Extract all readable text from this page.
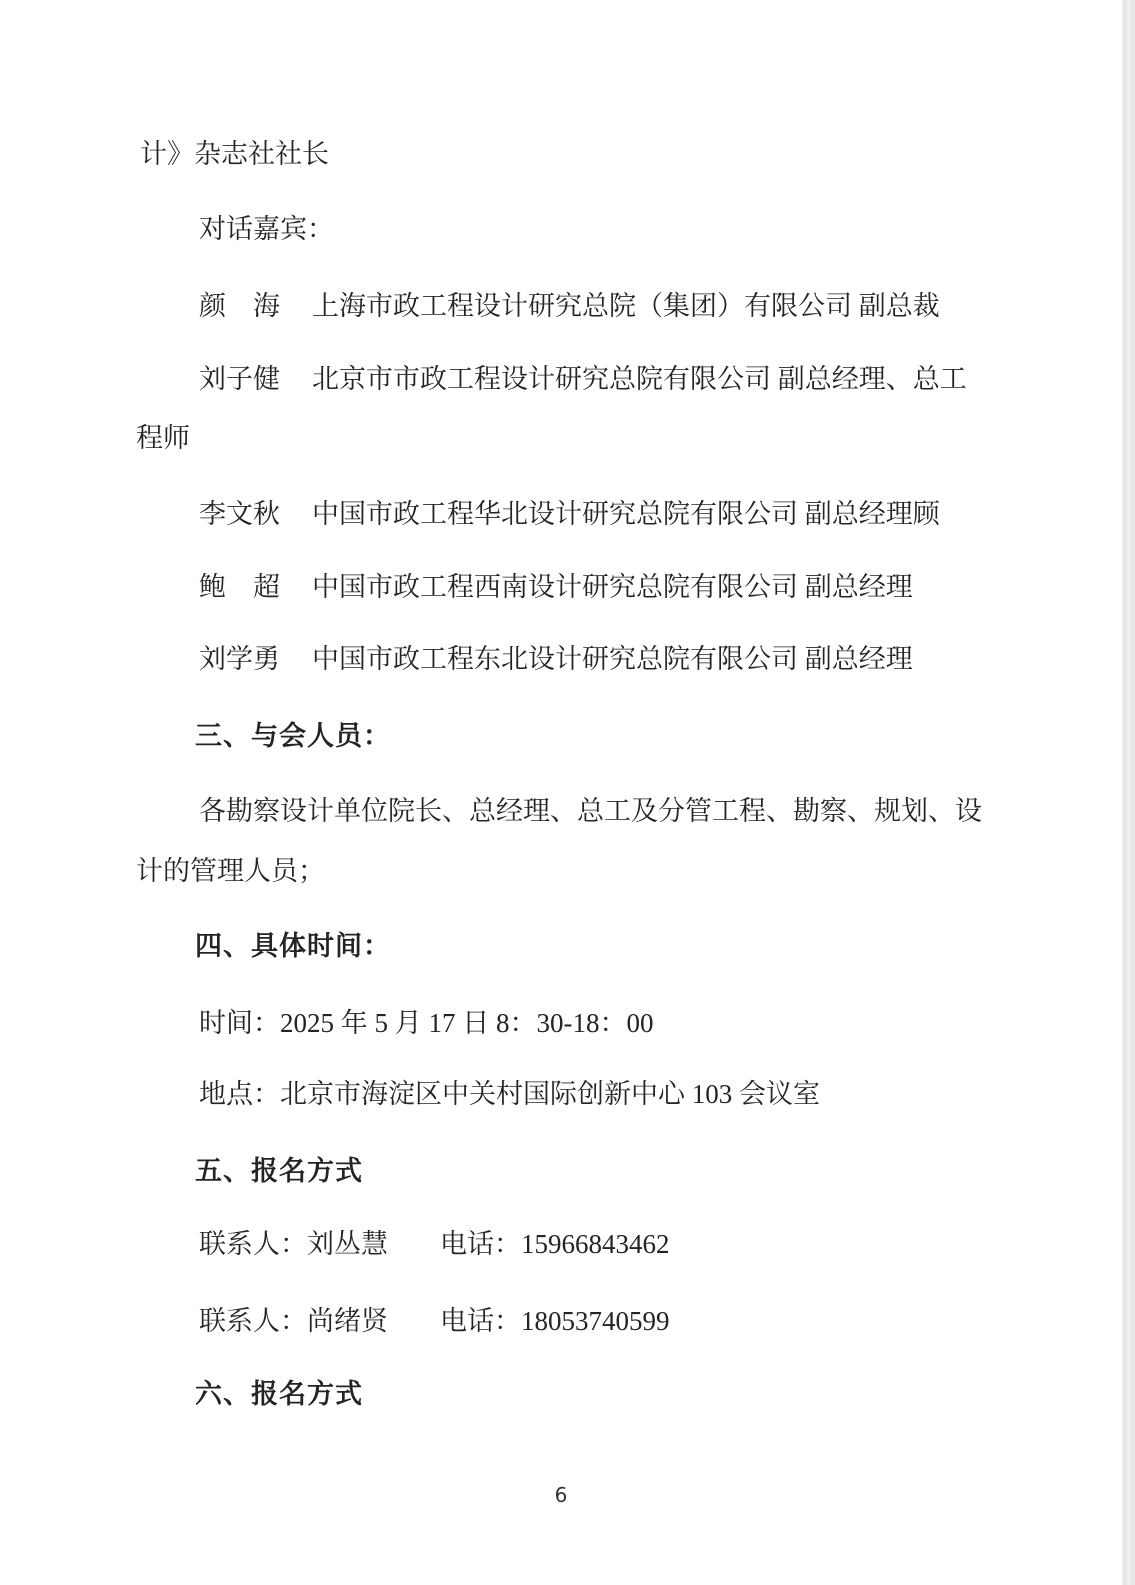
计》杂志社社长
对话嘉宾：
颜　海 上海市政工程设计研究总院（集团）有限公司 副总裁
刘子健 北京市市政工程设计研究总院有限公司 副总经理、总工
程师
李文秋 中国市政工程华北设计研究总院有限公司 副总经理顾
鲍　超 中国市政工程西南设计研究总院有限公司 副总经理
刘学勇 中国市政工程东北设计研究总院有限公司 副总经理
三、与会人员：
各勘察设计单位院长、总经理、总工及分管工程、勘察、规划、设
计的管理人员；
四、具体时间：
时间：2025 年 5 月 17 日 8：30-18：00
地点：北京市海淀区中关村国际创新中心 103 会议室
五、报名方式
联系人：刘丛慧 电话：15966843462
联系人：尚绪贤 电话：18053740599
六、报名方式
6
